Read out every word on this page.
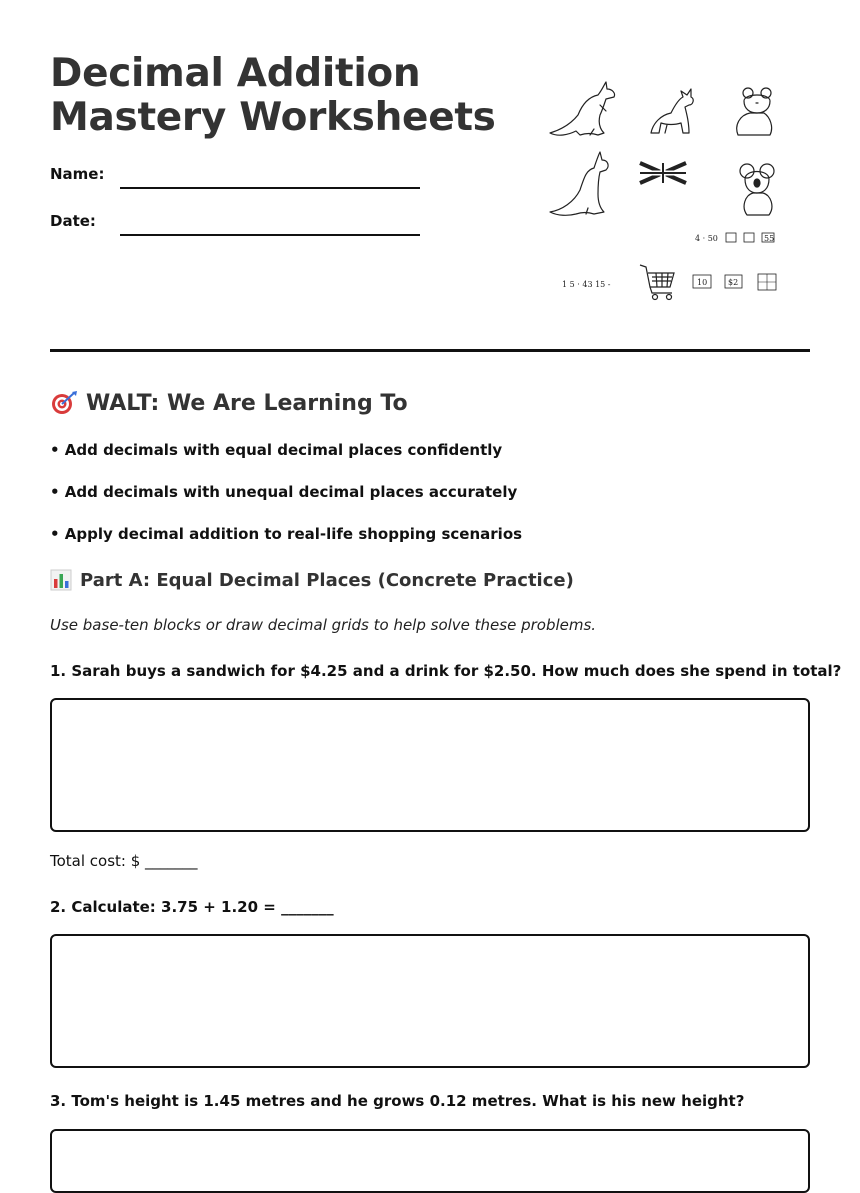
Decimal Addition
Mastery Worksheets
Name:
Date:
4 · 50	55
1 5 · 43 15 -	10	$2
WALT: We Are Learning To
• Add decimals with equal decimal places confidently
• Add decimals with unequal decimal places accurately
• Apply decimal addition to real-life shopping scenarios
Part A: Equal Decimal Places (Concrete Practice)
Use base-ten blocks or draw decimal grids to help solve these problems.
1. Sarah buys a sandwich for $4.25 and a drink for $2.50. How much does she spend in total?
Total cost: $ _______
2. Calculate: 3.75 + 1.20 = _______
3. Tom's height is 1.45 metres and he grows 0.12 metres. What is his new height?
